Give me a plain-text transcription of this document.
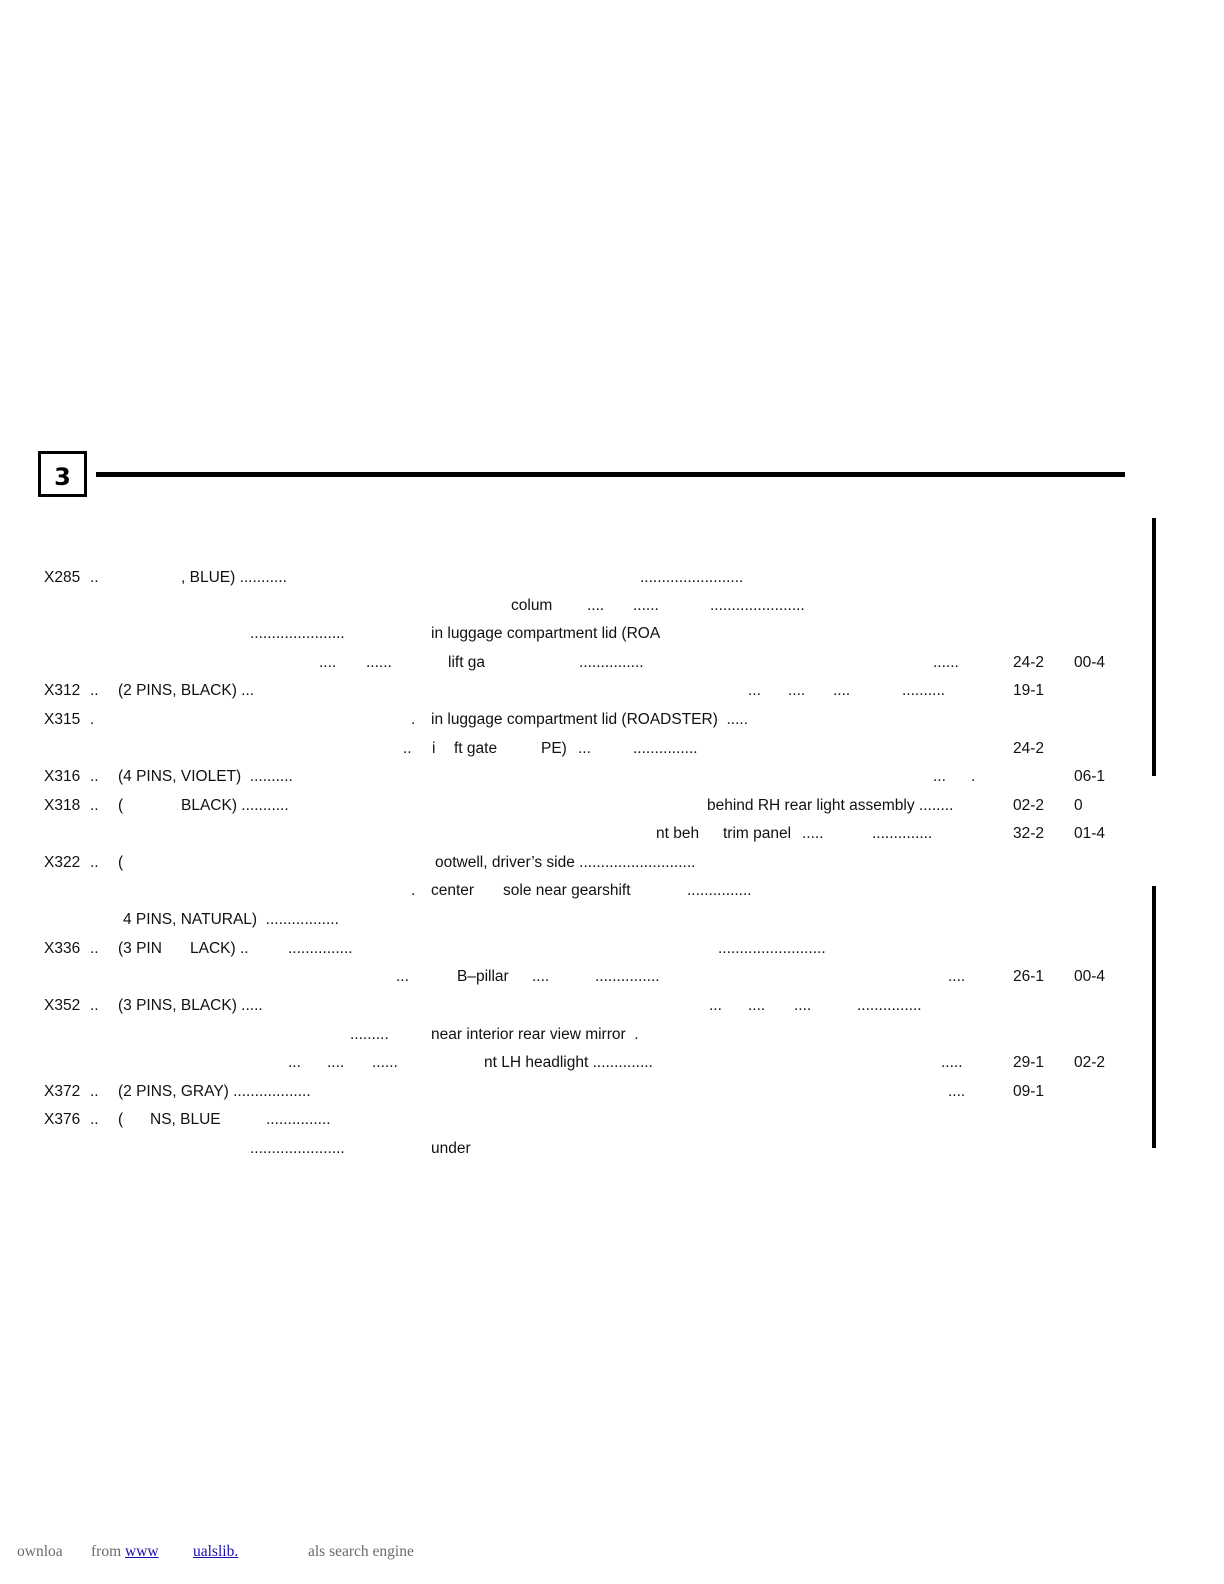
3
X285 ..	, BLUE) ...........	........................
colum .... ......	......................
......................	in luggage compartment lid (ROA
.... ......	lift ga	...............	......	24-2 00-4
X312 .. (2 PINS, BLACK) ...	... .... ....	..........	19-1
X315 .	. in luggage compartment lid (ROADSTER)  .....
.. i ft gate	PE) ...	...............	24-2
X316 .. (4 PINS, VIOLET)  ..........	... .	06-1
X318 .. (	BLACK) ...........	behind RH rear light assembly ........	02-2 0
nt beh trim panel .....	..............	32-2 01-4
X322 .. (	ootwell, driver’s side ...........................
. center sole near gearshift	...............
4 PINS, NATURAL)  .................
X336 .. (3 PIN LACK) ..	...............	.........................
...	B–pillar ....	...............	....	26-1 00-4
X352 .. (3 PINS, BLACK) .....	... .... ....	...............
.........	near interior rear view mirror  .
... .... ......	nt LH headlight ..............	.....	29-1 02-2
X372 .. (2 PINS, GRAY) ..................	....	09-1
X376 .. ( NS, BLUE	...............
......................	under
ownloa from www
ualslib.
	als search engine
